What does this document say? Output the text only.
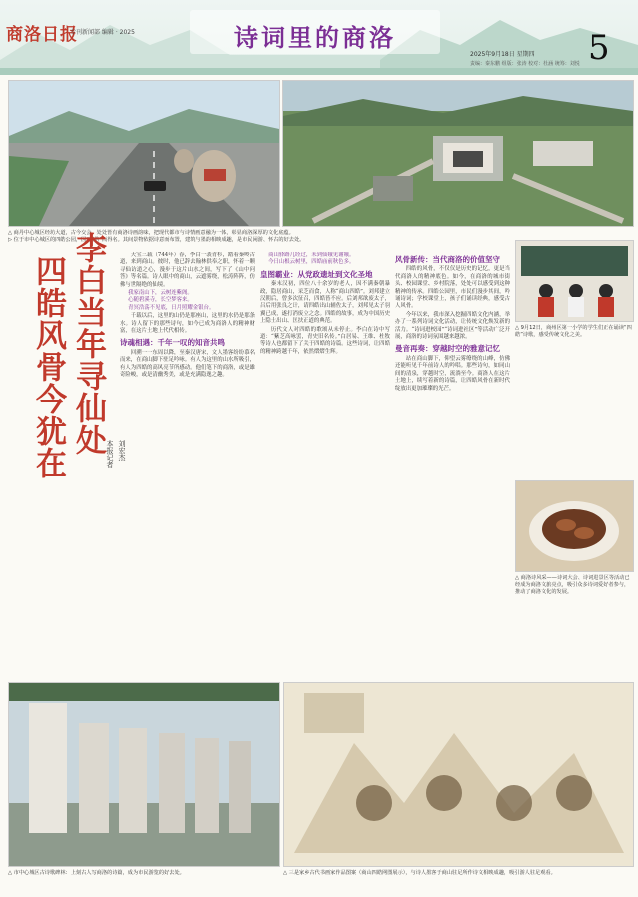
商洛日报
专刊新闻部 编辑 · 2025	诗词里的商洛
2025年9月18日 星期四
责编：秦东鹏 组版：张涛 校对：杜涵 统筹：刘悦 5
△ 商丹中心城区经坊大道，古今交会、处处皆有商洛诗画韵味，把现代都市与诗情画意融为一体，彰显商洛深厚的文化底蕴。
▷ 位于市中心城区的四皓公园，因“四皓”而得名。其间景物依据诗意而布置，建筑与墨韵相映成趣，是市民闲游、怀古的好去处。
李白当年寻仙处
四皓风骨今犹在	本报记者 刘宏杰

天宝三载（744年）春，李白一袭青衫，踏着秦岭古道，来到商山。彼时，他已辞去翰林供奉之职，怀着一颗寻仙访道之心，漫步于这片山水之间，写下了《山中问答》等名篇。诗人眼中的商山，云遮雾绕，松涛阵阵，仿佛与世隔绝的仙境。

我家南山下，云树连紫阁。
心随碧溪寺，长空梦客来。
青冥浩荡不见底，日月照耀金银台。

千载以后，这里的山仍是那座山，这里的水仍是那条水。诗人留下的那些诗句，如今已成为商洛人的精神财富，在这片土地上代代相传。

诗魂相遇：千年一叹的知音共鸣

回溯一一东周以降，至秦汉唐宋，文人墨客纷纷慕名而来，在商山脚下驻足吟咏。有人为这里的山水所吸引，有人为四皓的高风亮节所感动。他们笔下的商洛，或是雄奇险峻，或是清幽秀美，或是充满隐逸之趣。

商山驿路几经过，未到仙娥见谢娥。
今日山根云树里，四皓庙前秋色多。

皇图霸业：从党政遗址到文化圣地

秦末汉初，四位八十余岁的老人，因不满秦朝暴政，隐居商山，采芝而食，人称“商山四皓”。刘邦建立汉朝后，曾多次征召，四皓皆不应。后刘邦欲废太子，吕后用张良之计，请四皓出山辅佐太子，刘邦见太子羽翼已成，遂打消废立之念。四皓的故事，成为中国历史上隐士出山、匡扶正道的典范。

历代文人对四皓的歌颂从未停止。李白在诗中写道：“紫芝高咏罢，青史旧名传。”白居易、王维、杜牧等诗人也都留下了关于四皓的诗篇。这些诗词，让四皓的精神跨越千年，依然熠熠生辉。

风骨新传：当代商洛的价值坚守

四皓的风骨，不仅仅是历史的记忆，更是当代商洛人的精神底色。如今，在商洛的城市街头、校园课堂、乡村院落，处处可以感受到这种精神的传承。四皓公园里，市民们漫步其间，吟诵诗词；学校课堂上，孩子们诵读经典，感受古人风骨。

今年以来，我市深入挖掘四皓文化内涵，举办了一系列诗词文化活动，让传统文化焕发新的活力。“诗词进校园”“诗词进社区”等活动广泛开展，商洛的诗词氛围越来越浓。

曼音再奏：穿越时空的雅意记忆

站在商山脚下，仰望云雾缭绕的山峰，仿佛还能听见千年前诗人的吟唱。那些诗句，如同山间的清泉，穿越时空，流淌至今。商洛人在这片土地上，续写着新的诗篇，让四皓风骨在新时代绽放出更加璀璨的光芒。

△ 9月12日，商州区第一小学的学生们正在诵读“四皓”诗歌，感受传统文化之美。
△ 商洛诗风采——诗词大会、诗词进景区等活动已经成为商洛文旅亮点，吸引众多诗词爱好者参与，推动了商洛文化的发展。
△ 市中心城区古诗歌碑林：上刻古人写商洛的诗篇，成为市民游览的好去处。	△ 三是家乡古代书画家作品图案（商山四皓网图展示），与诗人墨客于商山驻足所作诗文相映成趣，吸引游人驻足观看。
